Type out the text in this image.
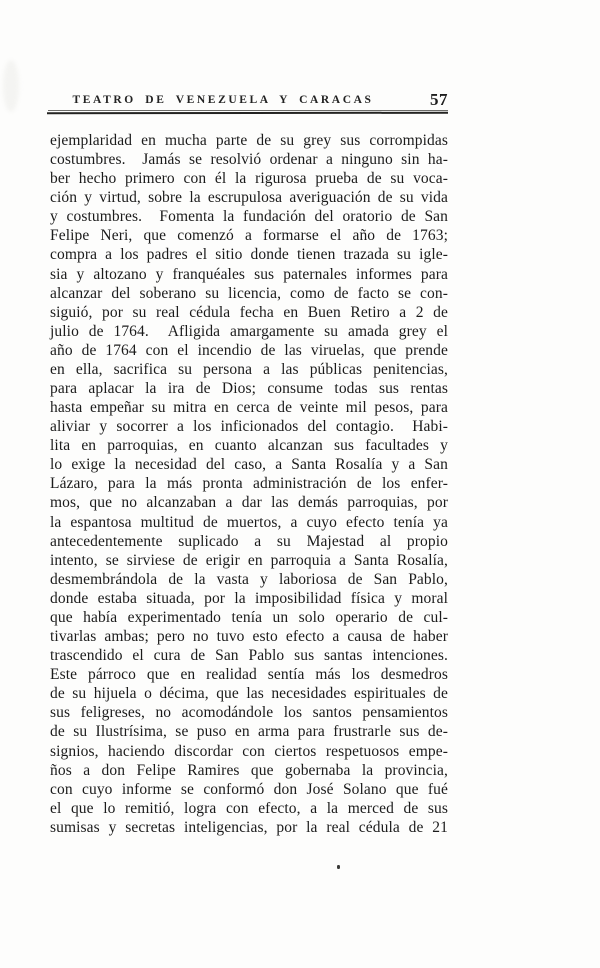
TEATRO DE VENEZUELA Y CARACAS	57
ejemplaridad en mucha parte de su grey sus corrompidas
costumbres.  Jamás se resolvió ordenar a ninguno sin ha-
ber hecho primero con él la rigurosa prueba de su voca-
ción y virtud, sobre la escrupulosa averiguación de su vida
y costumbres.  Fomenta la fundación del oratorio de San
Felipe Neri, que comenzó a formarse el año de 1763;
compra a los padres el sitio donde tienen trazada su igle-
sia y altozano y franquéales sus paternales informes para
alcanzar del soberano su licencia, como de facto se con-
siguió, por su real cédula fecha en Buen Retiro a 2 de
julio de 1764.  Afligida amargamente su amada grey el
año de 1764 con el incendio de las viruelas, que prende
en ella, sacrifica su persona a las públicas penitencias,
para aplacar la ira de Dios; consume todas sus rentas
hasta empeñar su mitra en cerca de veinte mil pesos, para
aliviar y socorrer a los inficionados del contagio.  Habi-
lita en parroquias, en cuanto alcanzan sus facultades y
lo exige la necesidad del caso, a Santa Rosalía y a San
Lázaro, para la más pronta administración de los enfer-
mos, que no alcanzaban a dar las demás parroquias, por
la espantosa multitud de muertos, a cuyo efecto tenía ya
antecedentemente suplicado a su Majestad al propio
intento, se sirviese de erigir en parroquia a Santa Rosalía,
desmembrándola de la vasta y laboriosa de San Pablo,
donde estaba situada, por la imposibilidad física y moral
que había experimentado tenía un solo operario de cul-
tivarlas ambas; pero no tuvo esto efecto a causa de haber
trascendido el cura de San Pablo sus santas intenciones.
Este párroco que en realidad sentía más los desmedros
de su hijuela o décima, que las necesidades espirituales de
sus feligreses, no acomodándole los santos pensamientos
de su Ilustrísima, se puso en arma para frustrarle sus de-
signios, haciendo discordar con ciertos respetuosos empe-
ños a don Felipe Ramires que gobernaba la provincia,
con cuyo informe se conformó don José Solano que fué
el que lo remitió, logra con efecto, a la merced de sus
sumisas y secretas inteligencias, por la real cédula de 21
